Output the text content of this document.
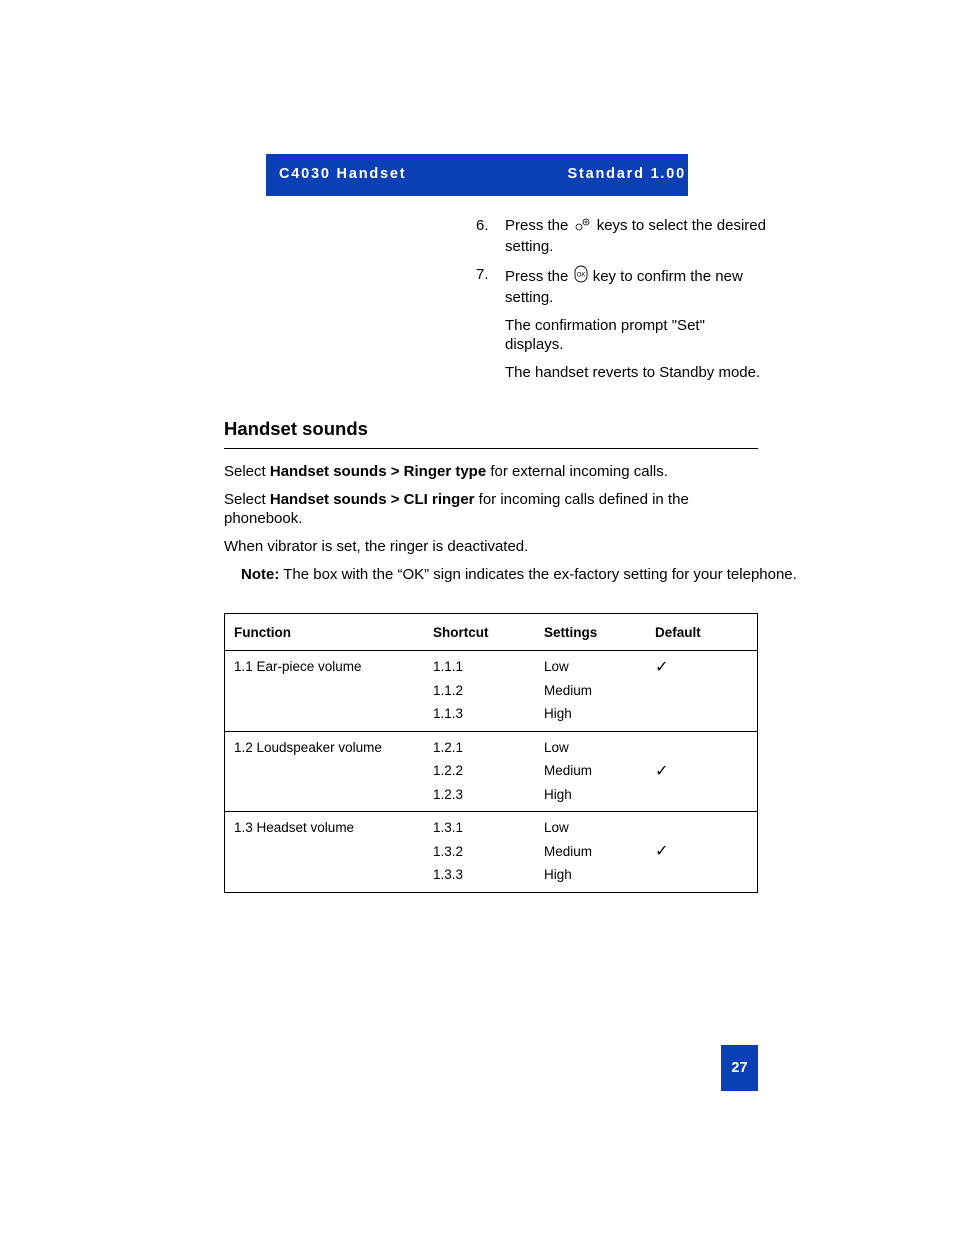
C4030 Handset	Standard 1.00
6. Press the keys to select the desired setting.
7. Press the OK key to confirm the new setting.
The confirmation prompt "Set" displays.
The handset reverts to Standby mode.
Handset sounds
Select Handset sounds > Ringer type for external incoming calls.
Select Handset sounds > CLI ringer for incoming calls defined in the phonebook.
When vibrator is set, the ringer is deactivated.
Note: The box with the “OK” sign indicates the ex-factory setting for your telephone.
Function	Shortcut	Settings	Default
1.1 Ear-piece volume	1.1.1	Low	✓
	1.1.2	Medium	
	1.1.3	High	
1.2 Loudspeaker volume	1.2.1	Low	
	1.2.2	Medium	✓
	1.2.3	High	
1.3 Headset volume	1.3.1	Low	
	1.3.2	Medium	✓
	1.3.3	High	
27
